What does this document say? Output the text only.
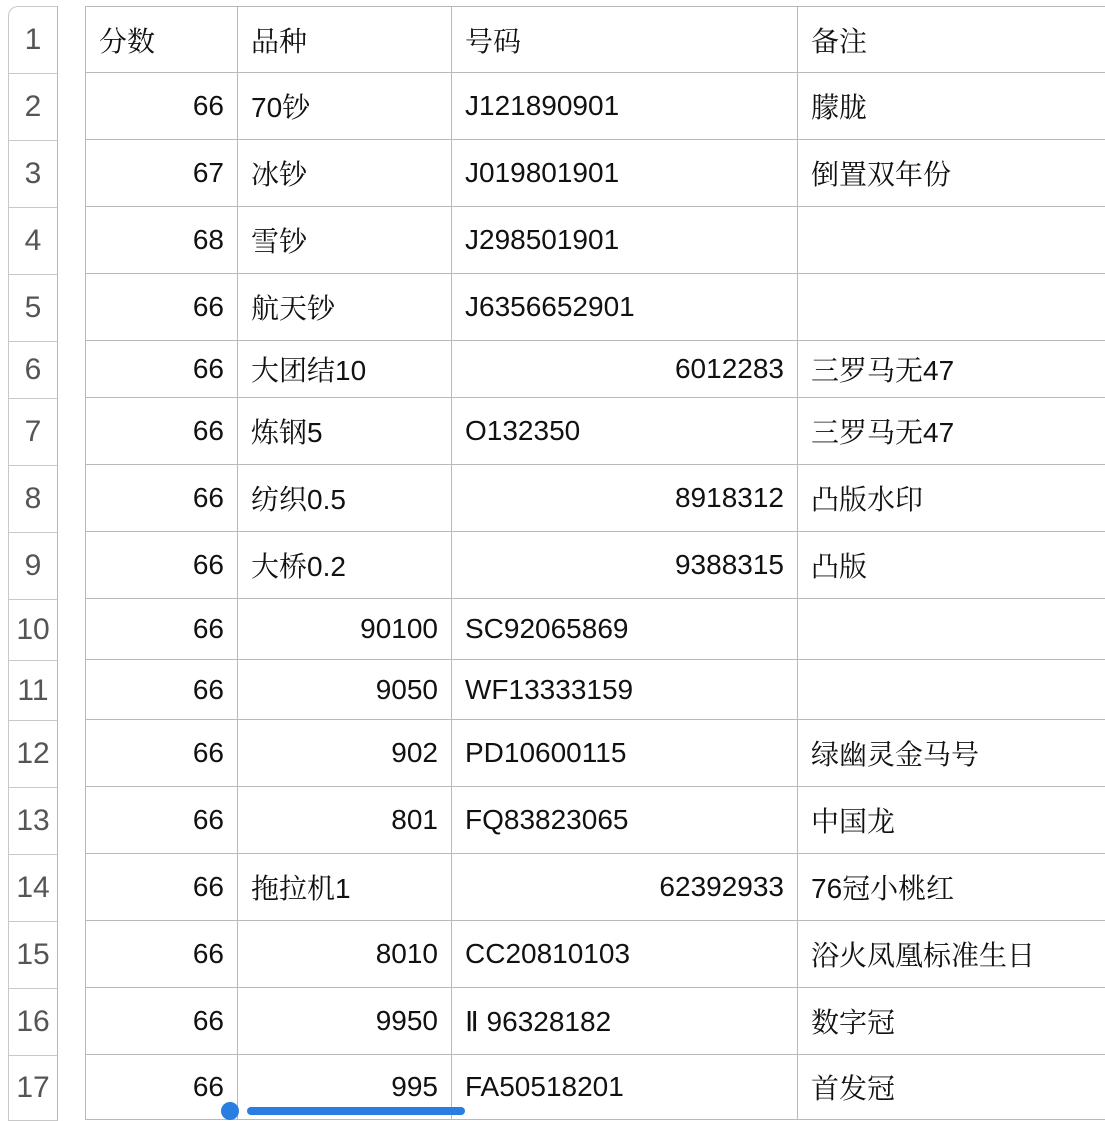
1
2
3
4
5
6
7
8
9
10
11
12
13
14
15
16
17
分数	品种	号码	备注
66 70钞	J121890901	朦胧
67 冰钞	J019801901	倒置双年份
68 雪钞	J298501901
66 航天钞	J6356652901
66 大团结10	6012283 三罗马无47
66 炼钢5	O132350	三罗马无47
66 纺织0.5	8918312 凸版水印
66 大桥0.2	9388315 凸版
66	90100 SC92065869
66	9050 WF13333159
66	902 PD10600115	绿幽灵金马号
66	801 FQ83823065	中国龙
66 拖拉机1	62392933 76冠小桃红
66	8010 CC20810103	浴火凤凰标准生日
66	9950 Ⅱ 96328182	数字冠
66	995 FA50518201	首发冠
